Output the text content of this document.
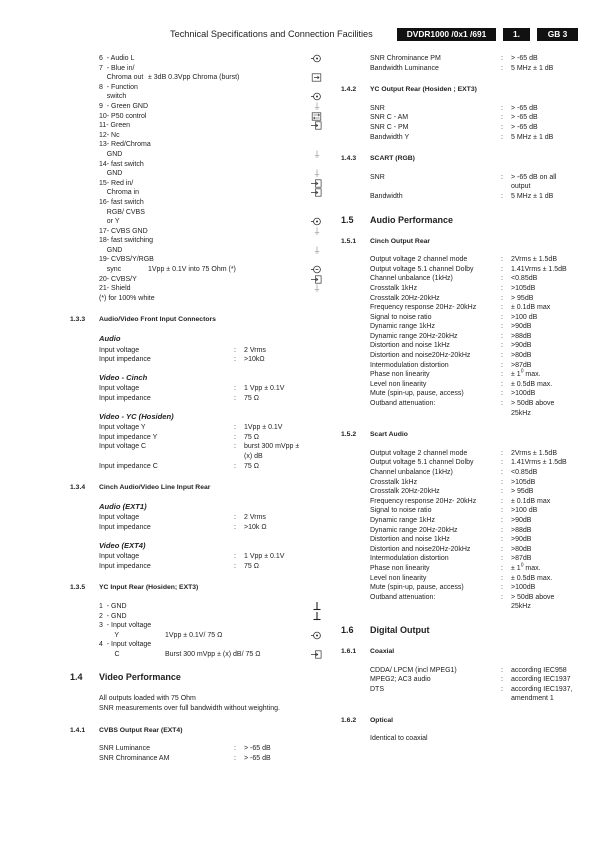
Technical Specifications and Connection Facilities	DVDR1000 /0x1 /691	1.	GB 3
6  - Audio L
7  - Blue in/
Chroma out ± 3dB 0.3Vpp Chroma (burst)
8  - Function
switch
9  - Green GND
10- P50 control
11- Green
12- Nc
13- Red/Chroma
GND
14- fast switch
GND
15- Red in/
Chroma in
16- fast switch
RGB/ CVBS
or Y
17- CVBS GND
18- fast switching
GND
19- CVBS/Y/RGB
sync	1Vpp ± 0.1V into 75 Ohm (*)
20- CVBS/Y
21- Shield
(*) for 100% white
1.3.3	Audio/Video Front Input Connectors
Audio
Input voltage	:	2 Vrms
Input impedance	:	>10kΩ
Video - Cinch
Input voltage	:	1 Vpp ± 0.1V
Input impedance	:	75 Ω
Video - YC (Hosiden)
Input voltage Y	:	1Vpp ± 0.1V
Input impedance Y	:	75 Ω
Input voltage C	:	burst 300 mVpp ±
(x) dB
Input impedance C	:	75 Ω
1.3.4	Cinch Audio/Video Line Input Rear
Audio (EXT1)
Input voltage	:	2 Vrms
Input impedance	:	>10k Ω
Video (EXT4)
Input voltage	:	1 Vpp ± 0.1V
Input impedance	:	75 Ω
1.3.5	YC Input Rear (Hosiden; EXT3)
1  - GND
2  - GND
3  - Input voltage
Y	1Vpp ± 0.1V/ 75 Ω
4  - Input voltage
C	Burst 300 mVpp ± (x) dB/ 75 Ω
1.4	Video Performance
All outputs loaded with 75 Ohm
SNR measurements over full bandwidth without weighting.
1.4.1	CVBS Output Rear (EXT4)
SNR Luminance	:	> -65 dB
SNR Chrominance AM	:	> -65 dB
SNR Chrominance PM	:	> -65 dB
Bandwidth Luminance	:	5 MHz ± 1 dB
1.4.2	YC Output Rear (Hosiden ; EXT3)
SNR	:	> -65 dB
SNR C - AM	:	> -65 dB
SNR C - PM	:	> -65 dB
Bandwidth Y	:	5 MHz ± 1 dB
1.4.3	SCART (RGB)
SNR	:	> -65 dB on all
output
Bandwidth	:	5 MHz ± 1 dB
1.5	Audio Performance
1.5.1	Cinch Output Rear
Output voltage 2 channel mode	:	2Vrms ± 1.5dB
Output voltage 5.1 channel Dolby	:	1.41Vrms ± 1.5dB
Channel unbalance (1kHz)	:	<0.85dB
Crosstalk 1kHz	:	>105dB
Crosstalk 20Hz-20kHz	:	> 95dB
Frequency response 20Hz- 20kHz	:	± 0.1dB max
Signal to noise ratio	:	>100 dB
Dynamic range 1kHz	:	>90dB
Dynamic range 20Hz-20kHz	:	>88dB
Distortion and noise 1kHz	:	>90dB
Distortion and noise20Hz-20kHz	:	>80dB
Intermodulation distortion	:	>87dB
Phase non linearity	:	± $1^0$ max.
Level non linearity	:	± 0.5dB max.
Mute (spin-up, pause, access)	:	>100dB
Outband attenuation:	:	> 50dB above
25kHz
1.5.2	Scart Audio
Output voltage 2 channel mode	:	2Vrms ± 1.5dB
Output voltage 5.1 channel Dolby	:	1.41Vrms ± 1.5dB
Channel unbalance (1kHz)	:	<0.85dB
Crosstalk 1kHz	:	>105dB
Crosstalk 20Hz-20kHz	:	> 95dB
Frequency response 20Hz- 20kHz	:	± 0.1dB max
Signal to noise ratio	:	>100 dB
Dynamic range 1kHz	:	>90dB
Dynamic range 20Hz-20kHz	:	>88dB
Distortion and noise 1kHz	:	>90dB
Distortion and noise20Hz-20kHz	:	>80dB
Intermodulation distortion	:	>87dB
Phase non linearity	:	± $1^0$ max.
Level non linearity	:	± 0.5dB max.
Mute (spin-up, pause, access)	:	>100dB
Outband attenuation:	:	> 50dB above
25kHz
1.6	Digital Output
1.6.1	Coaxial
CDDA/ LPCM (incl MPEG1)	:	according IEC958
MPEG2; AC3 audio	:	according IEC1937
DTS	:	according IEC1937,
amendment 1
1.6.2	Optical
Identical to coaxial
